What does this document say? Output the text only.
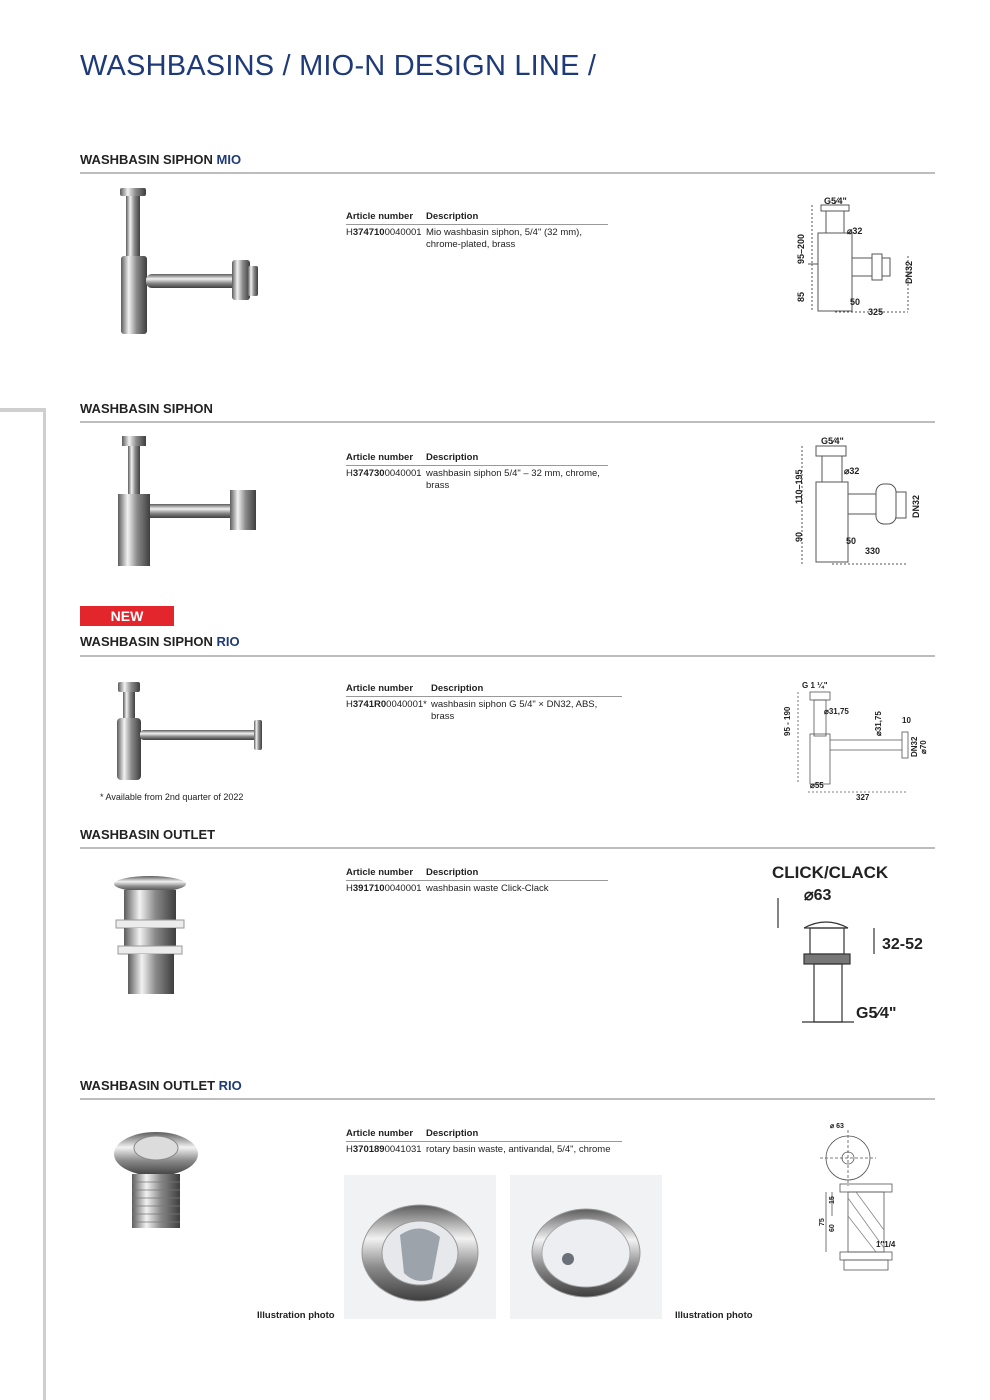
WASHBASINS / MIO-N DESIGN LINE /
WASHBASIN SIPHON MIO
Article number	Description
H3747100040001 Mio washbasin siphon, 5/4" (32 mm), chrome-plated, brass
G5⁄4"
⌀32
95–200
85
DN32
50
325
WASHBASIN SIPHON
Article number	Description
H3747300040001 washbasin siphon 5/4" – 32 mm, chrome, brass
G5⁄4"
⌀32
110–195
90
DN32
50
330
NEW
WASHBASIN SIPHON RIO
* Available from 2nd quarter of 2022
Article number	Description
H3741R00040001* washbasin siphon G 5/4" × DN32, ABS, brass
G 1 ¼"
⌀31,75
95 - 190	⌀31,75 10
DN32 ⌀70
⌀55
327
WASHBASIN OUTLET
Article number	Description
H3917100040001 washbasin waste Click-Clack
CLICK/CLACK
⌀63
32-52
G5⁄4"
WASHBASIN OUTLET RIO
Article number	Description
H3701890041031 rotary basin waste, antivandal, 5/4", chrome
Illustration photo	Illustration photo
⌀ 63
75
15
60
1"1/4
